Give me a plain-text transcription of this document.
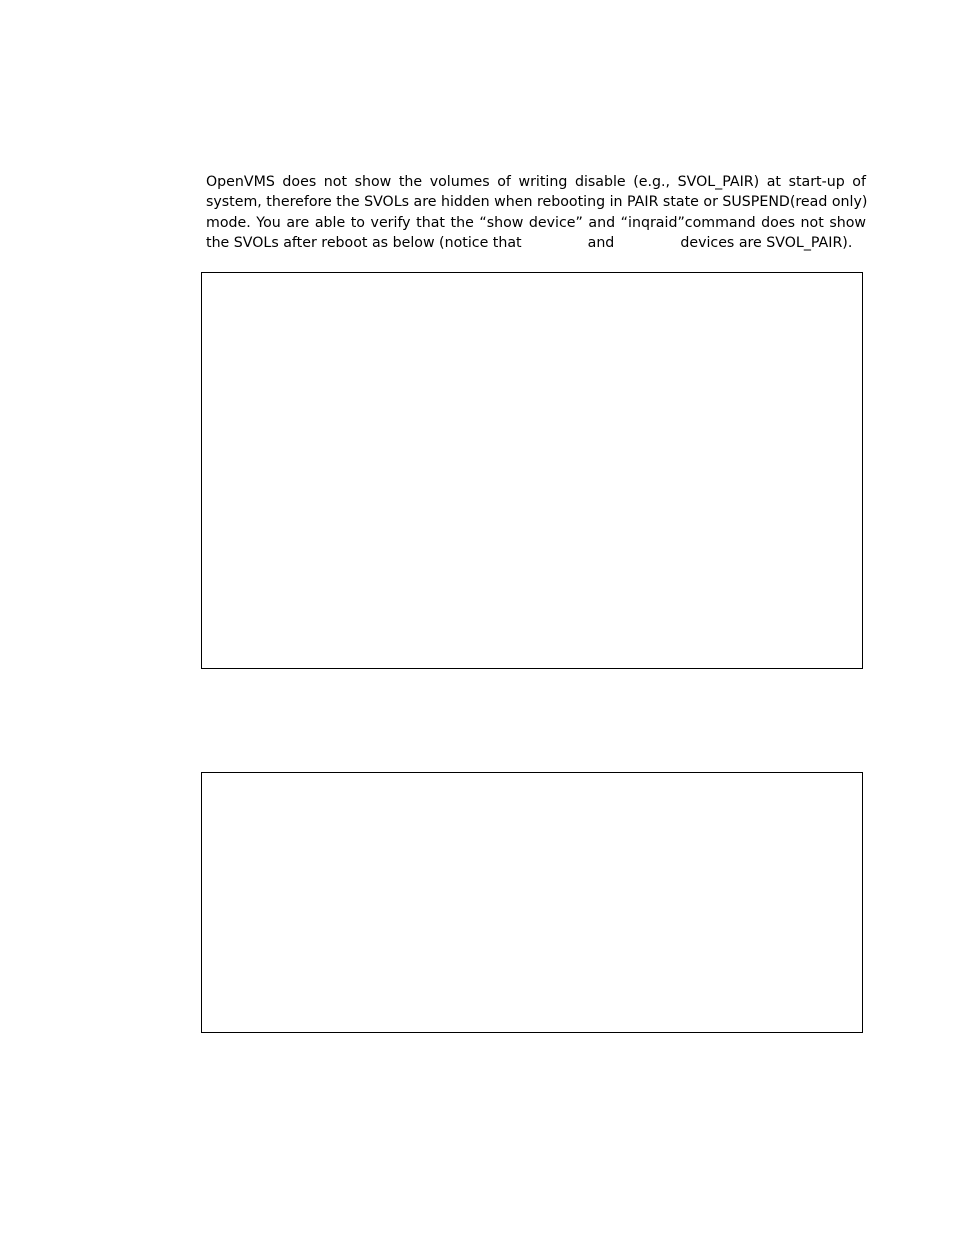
OpenVMS does not show the volumes of writing disable (e.g., SVOL_PAIR) at start-up of
system, therefore the SVOLs are hidden when rebooting in PAIR state or SUSPEND(read only)
mode. You are able to verify that the “show device” and “inqraid”command does not show
the SVOLs after reboot as below (notice that	and	devices are SVOL_PAIR).
